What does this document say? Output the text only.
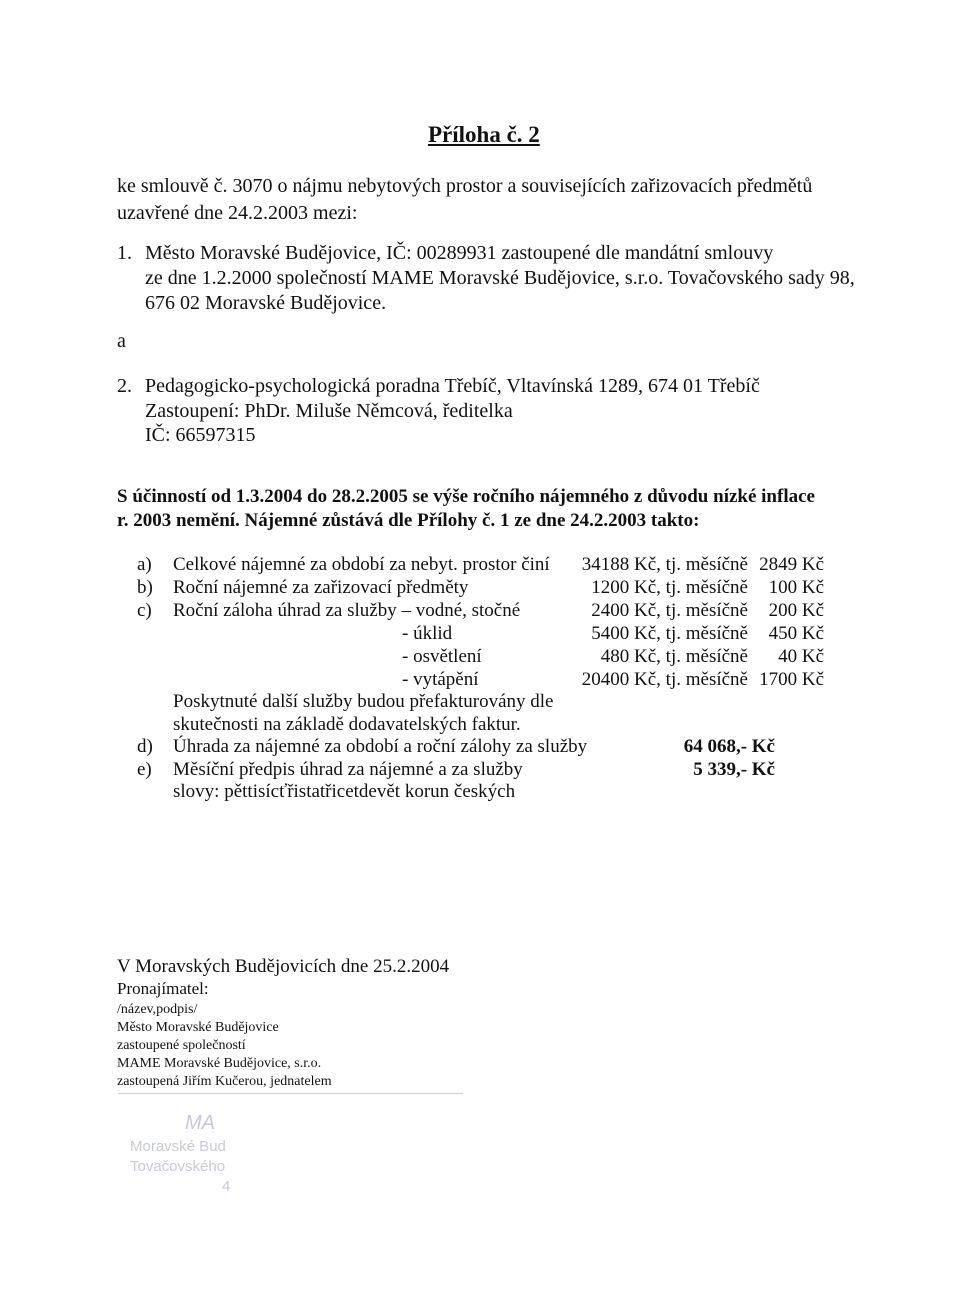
Příloha č. 2
ke smlouvě č. 3070 o nájmu nebytových prostor a souvisejících zařizovacích předmětů
uzavřené dne 24.2.2003 mezi:
1. Město Moravské Budějovice, IČ: 00289931 zastoupené dle mandátní smlouvy
ze dne 1.2.2000 společností MAME Moravské Budějovice, s.r.o. Tovačovského sady 98,
676 02 Moravské Budějovice.
a
2. Pedagogicko-psychologická poradna Třebíč, Vltavínská 1289, 674 01 Třebíč
Zastoupení: PhDr. Miluše Němcová, ředitelka
IČ: 66597315
S účinností od 1.3.2004 do 28.2.2005 se výše ročního nájemného z důvodu nízké inflace
r. 2003 nemění. Nájemné zůstává dle Přílohy č. 1 ze dne 24.2.2003 takto:
a) Celkové nájemné za období za nebyt. prostor činí 34188 Kč, tj. měsíčně 2849 Kč
b) Roční nájemné za zařizovací předměty	1200 Kč, tj. měsíčně 100 Kč
c) Roční záloha úhrad za služby – vodné, stočné	2400 Kč, tj. měsíčně 200 Kč
- úklid	5400 Kč, tj. měsíčně 450 Kč
- osvětlení	480 Kč, tj. měsíčně 40 Kč
- vytápění	20400 Kč, tj. měsíčně 1700 Kč
Poskytnuté další služby budou přefakturovány dle
skutečnosti na základě dodavatelských faktur.
d) Úhrada za nájemné za období a roční zálohy za služby	64 068,- Kč
e) Měsíční předpis úhrad za nájemné a za služby	5 339,- Kč
slovy: pěttisícťřistatřicetdevět korun českých
V Moravských Budějovicích dne 25.2.2004
Pronajímatel:
/název,podpis/
Město Moravské Budějovice
zastoupené společností
MAME Moravské Budějovice, s.r.o.
zastoupená Jiřím Kučerou, jednatelem
MA
Moravské Bud
Tovačovského
4
